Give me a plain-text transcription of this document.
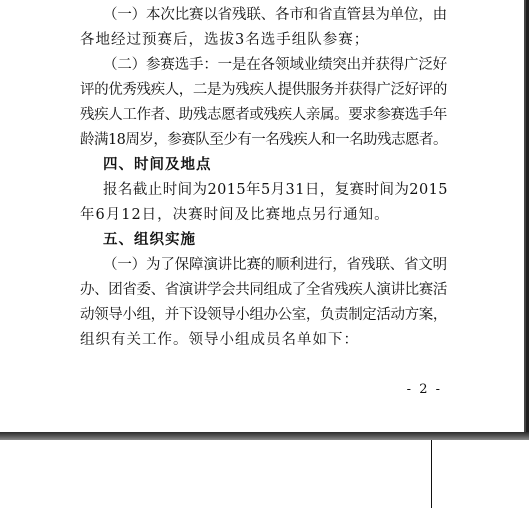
（一）本次比赛以省残联、各市和省直管县为单位，由
各地经过预赛后，选拔3名选手组队参赛；
（二）参赛选手：一是在各领域业绩突出并获得广泛好
评的优秀残疾人，二是为残疾人提供服务并获得广泛好评的
残疾人工作者、助残志愿者或残疾人亲属。要求参赛选手年
龄满18周岁，参赛队至少有一名残疾人和一名助残志愿者。
四、时间及地点
报名截止时间为2015年5月31日，复赛时间为2015
年6月12日，决赛时间及比赛地点另行通知。
五、组织实施
（一）为了保障演讲比赛的顺利进行，省残联、省文明
办、团省委、省演讲学会共同组成了全省残疾人演讲比赛活
动领导小组，并下设领导小组办公室，负责制定活动方案，
组织有关工作。领导小组成员名单如下：
- 2 -
